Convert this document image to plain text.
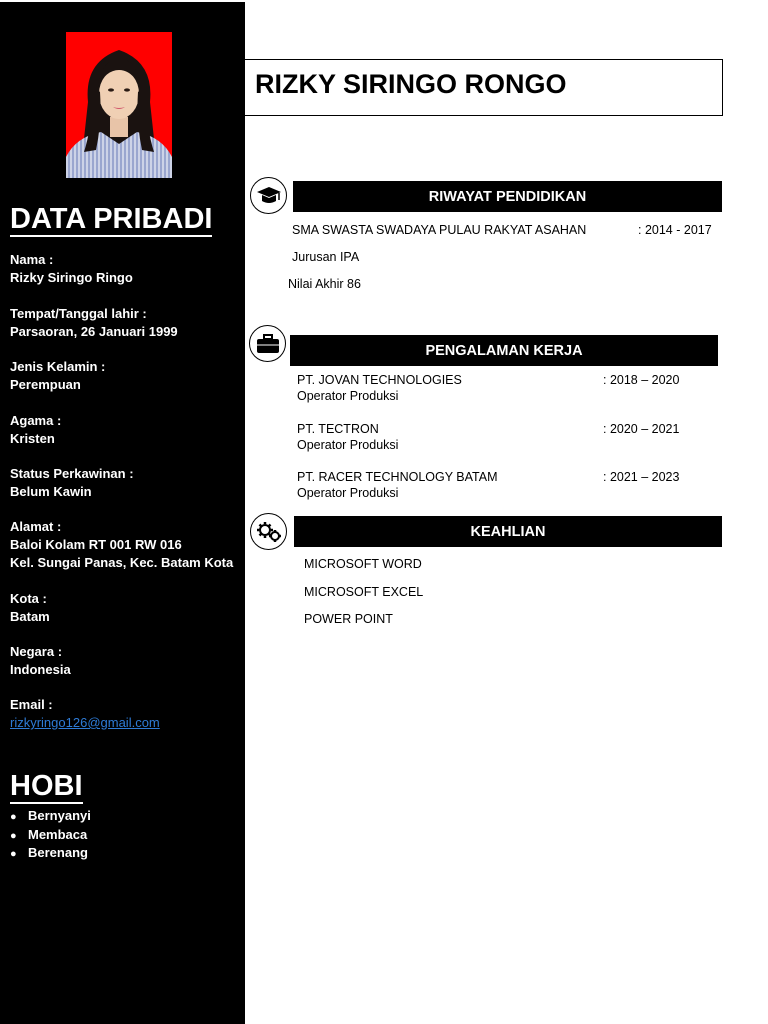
DATA PRIBADI
Nama :
Rizky Siringo Ringo
Tempat/Tanggal lahir :
Parsaoran, 26 Januari 1999
Jenis Kelamin :
Perempuan
Agama :
Kristen
Status Perkawinan :
Belum Kawin
Alamat :
Baloi Kolam RT 001 RW 016
Kel. Sungai Panas, Kec. Batam Kota
Kota :
Batam
Negara :
Indonesia
Email :
rizkyringo126@gmail.com
HOBI
● Bernyanyi
● Membaca
● Berenang
RIZKY SIRINGO RONGO
RIWAYAT PENDIDIKAN
SMA SWASTA SWADAYA PULAU RAKYAT ASAHAN	: 2014 - 2017
Jurusan IPA
Nilai Akhir 86
PENGALAMAN KERJA
PT. JOVAN TECHNOLOGIES	: 2018 – 2020
Operator Produksi
PT. TECTRON	: 2020 – 2021
Operator Produksi
PT. RACER TECHNOLOGY BATAM	: 2021 – 2023
Operator Produksi
KEAHLIAN
MICROSOFT WORD
MICROSOFT EXCEL
POWER POINT
